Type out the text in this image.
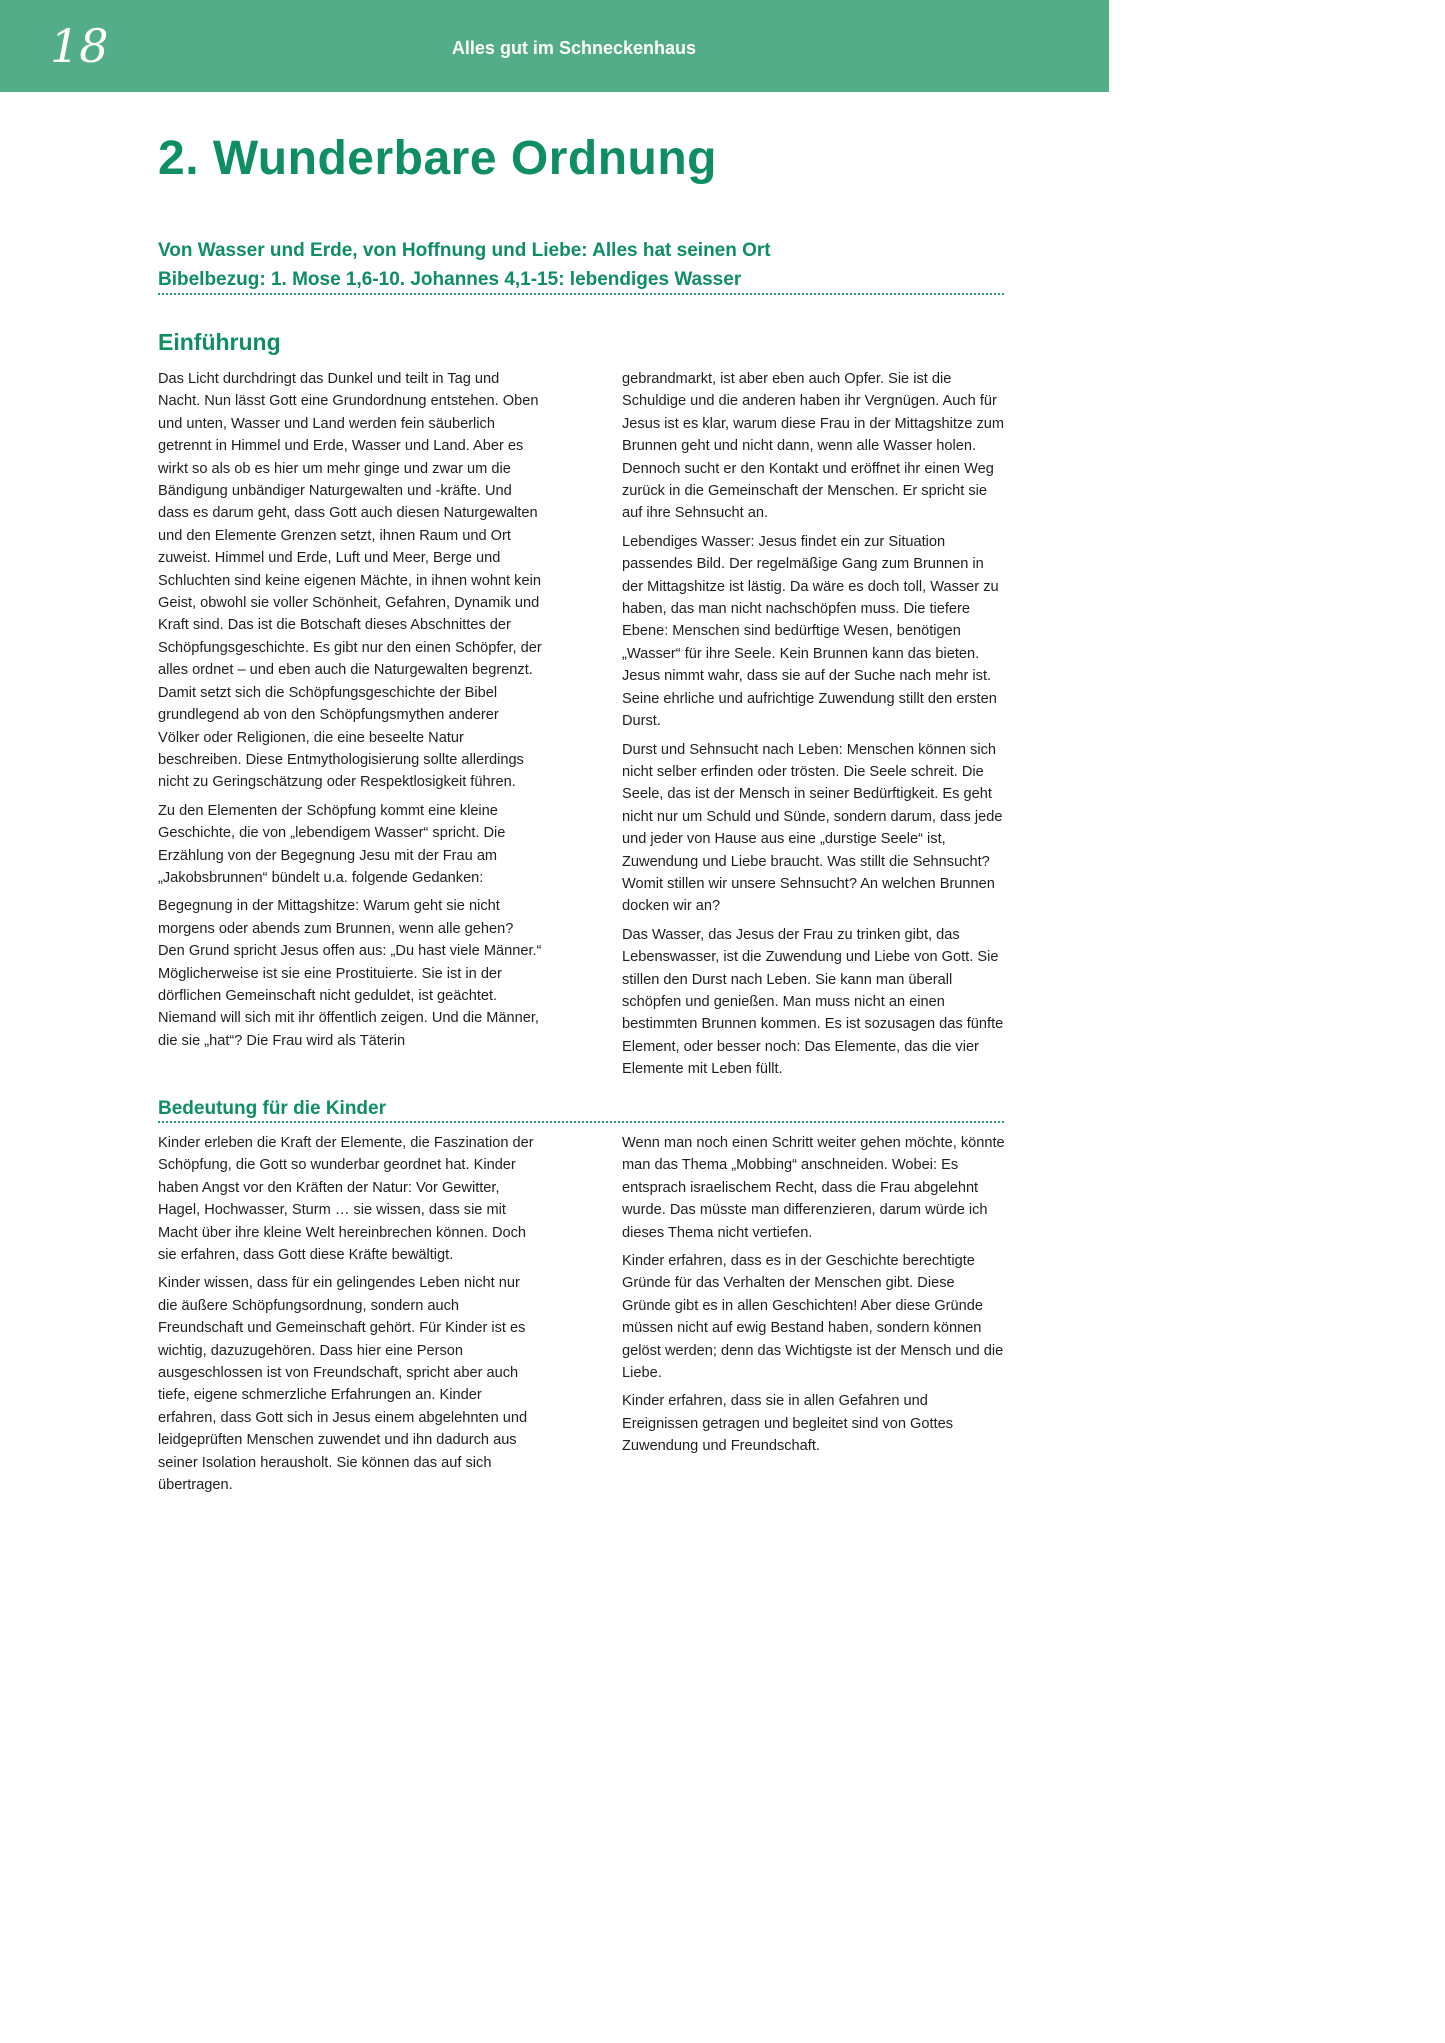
18	Alles gut im Schneckenhaus
2. Wunderbare Ordnung
Von Wasser und Erde, von Hoffnung und Liebe: Alles hat seinen Ort
Bibelbezug: 1. Mose 1,6-10. Johannes 4,1-15: lebendiges Wasser
Einführung

Das Licht durchdringt das Dunkel und teilt in Tag und Nacht. Nun lässt Gott eine Grundordnung entstehen. Oben und unten, Wasser und Land werden fein säuberlich getrennt in Himmel und Erde, Wasser und Land. Aber es wirkt so als ob es hier um mehr ginge und zwar um die Bändigung unbändiger Naturgewalten und -kräfte. Und dass es darum geht, dass Gott auch diesen Naturgewalten und den Elemente Grenzen setzt, ihnen Raum und Ort zuweist. Himmel und Erde, Luft und Meer, Berge und Schluchten sind keine eigenen Mächte, in ihnen wohnt kein Geist, obwohl sie voller Schönheit, Gefahren, Dynamik und Kraft sind. Das ist die Botschaft dieses Abschnittes der Schöpfungsgeschichte. Es gibt nur den einen Schöpfer, der alles ordnet – und eben auch die Naturgewalten begrenzt. Damit setzt sich die Schöpfungsgeschichte der Bibel grundlegend ab von den Schöpfungsmythen anderer Völker oder Religionen, die eine beseelte Natur beschreiben. Diese Entmythologisierung sollte allerdings nicht zu Geringschätzung oder Respektlosigkeit führen.

Zu den Elementen der Schöpfung kommt eine kleine Geschichte, die von „lebendigem Wasser“ spricht. Die Erzählung von der Begegnung Jesu mit der Frau am „Jakobsbrunnen“ bündelt u.a. folgende Gedanken:

Begegnung in der Mittagshitze: Warum geht sie nicht morgens oder abends zum Brunnen, wenn alle gehen? Den Grund spricht Jesus offen aus: „Du hast viele Männer.“ Möglicherweise ist sie eine Prostituierte. Sie ist in der dörflichen Gemeinschaft nicht geduldet, ist geächtet. Niemand will sich mit ihr öffentlich zeigen. Und die Männer, die sie „hat“? Die Frau wird als Täterin

gebrandmarkt, ist aber eben auch Opfer. Sie ist die Schuldige und die anderen haben ihr Vergnügen. Auch für Jesus ist es klar, warum diese Frau in der Mittagshitze zum Brunnen geht und nicht dann, wenn alle Wasser holen. Dennoch sucht er den Kontakt und eröffnet ihr einen Weg zurück in die Gemeinschaft der Menschen. Er spricht sie auf ihre Sehnsucht an.

Lebendiges Wasser: Jesus findet ein zur Situation passendes Bild. Der regelmäßige Gang zum Brunnen in der Mittagshitze ist lästig. Da wäre es doch toll, Wasser zu haben, das man nicht nachschöpfen muss. Die tiefere Ebene: Menschen sind bedürftige Wesen, benötigen „Wasser“ für ihre Seele. Kein Brunnen kann das bieten. Jesus nimmt wahr, dass sie auf der Suche nach mehr ist. Seine ehrliche und aufrichtige Zuwendung stillt den ersten Durst.

Durst und Sehnsucht nach Leben: Menschen können sich nicht selber erfinden oder trösten. Die Seele schreit. Die Seele, das ist der Mensch in seiner Bedürftigkeit. Es geht nicht nur um Schuld und Sünde, sondern darum, dass jede und jeder von Hause aus eine „durstige Seele“ ist, Zuwendung und Liebe braucht. Was stillt die Sehnsucht? Womit stillen wir unsere Sehnsucht? An welchen Brunnen docken wir an?

Das Wasser, das Jesus der Frau zu trinken gibt, das Lebenswasser, ist die Zuwendung und Liebe von Gott. Sie stillen den Durst nach Leben. Sie kann man überall schöpfen und genießen. Man muss nicht an einen bestimmten Brunnen kommen. Es ist sozusagen das fünfte Element, oder besser noch: Das Elemente, das die vier Elemente mit Leben füllt.

Bedeutung für die Kinder

Kinder erleben die Kraft der Elemente, die Faszination der Schöpfung, die Gott so wunderbar geordnet hat. Kinder haben Angst vor den Kräften der Natur: Vor Gewitter, Hagel, Hochwasser, Sturm … sie wissen, dass sie mit Macht über ihre kleine Welt hereinbrechen können. Doch sie erfahren, dass Gott diese Kräfte bewältigt.

Kinder wissen, dass für ein gelingendes Leben nicht nur die äußere Schöpfungsordnung, sondern auch Freundschaft und Gemeinschaft gehört. Für Kinder ist es wichtig, dazuzugehören. Dass hier eine Person ausgeschlossen ist von Freundschaft, spricht aber auch tiefe, eigene schmerzliche Erfahrungen an. Kinder erfahren, dass Gott sich in Jesus einem abgelehnten und leidgeprüften Menschen zuwendet und ihn dadurch aus seiner Isolation herausholt. Sie können das auf sich übertragen.

Wenn man noch einen Schritt weiter gehen möchte, könnte man das Thema „Mobbing“ anschneiden. Wobei: Es entsprach israelischem Recht, dass die Frau abgelehnt wurde. Das müsste man differenzieren, darum würde ich dieses Thema nicht vertiefen.

Kinder erfahren, dass es in der Geschichte berechtigte Gründe für das Verhalten der Menschen gibt. Diese Gründe gibt es in allen Geschichten! Aber diese Gründe müssen nicht auf ewig Bestand haben, sondern können gelöst werden; denn das Wichtigste ist der Mensch und die Liebe.

Kinder erfahren, dass sie in allen Gefahren und Ereignissen getragen und begleitet sind von Gottes Zuwendung und Freundschaft.
